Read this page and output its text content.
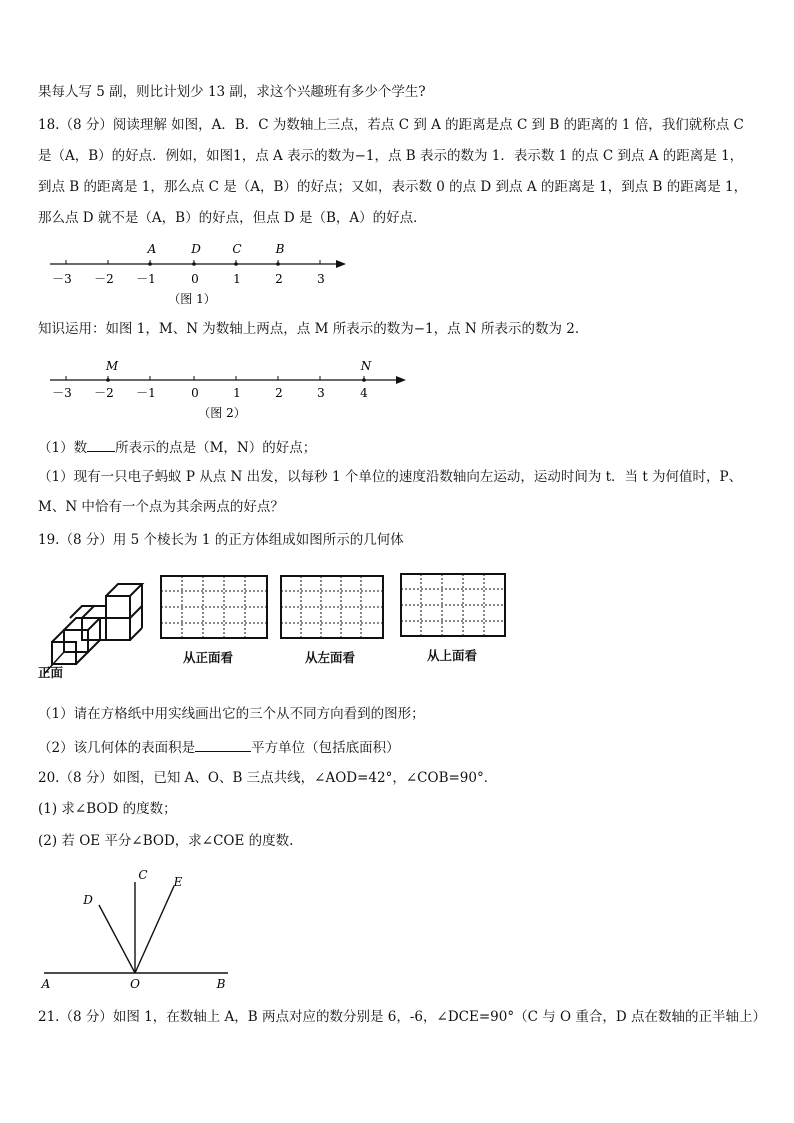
果每人写 5 副，则比计划少 13 副，求这个兴趣班有多少个学生?
18.（8 分）阅读理解 如图，A．B．C 为数轴上三点，若点 C 到 A 的距离是点 C 到 B 的距离的 1 倍，我们就称点 C
是（A，B）的好点．例如，如图1，点 A 表示的数为−1，点 B 表示的数为 1．表示数 1 的点 C 到点 A 的距离是 1，
到点 B 的距离是 1，那么点 C 是（A，B）的好点；又如，表示数 0 的点 D 到点 A 的距离是 1，到点 B 的距离是 1，
那么点 D 就不是（A，B）的好点，但点 D 是（B，A）的好点．
A	D	C	B
－3 －2 －1	0	1	2	3
（图 1）
知识运用：如图 1，M、N 为数轴上两点，点 M 所表示的数为−1，点 N 所表示的数为 2．
M	N
－3 －2 －1	0	1	2	3	4
（图 2）
（1）数 所表示的点是（M，N）的好点；
（1）现有一只电子蚂蚁 P 从点 N 出发，以每秒 1 个单位的速度沿数轴向左运动，运动时间为 t．当 t 为何值时，P、
M、N 中恰有一个点为其余两点的好点？
19.（8 分）用 5 个棱长为 1 的正方体组成如图所示的几何体
正面
从正面看	从左面看	从上面看
（1）请在方格纸中用实线画出它的三个从不同方向看到的图形；
（2）该几何体的表面积是	平方单位（包括底面积）
20.（8 分）如图，已知 A、O、B 三点共线，∠AOD=42°，∠COB=90°．
(1) 求∠BOD 的度数；
(2) 若 OE 平分∠BOD，求∠COE 的度数.
A	O	B
C
D
E
21.（8 分）如图 1，在数轴上 A，B 两点对应的数分别是 6，-6，∠DCE=90°（C 与 O 重合，D 点在数轴的正半轴上）
